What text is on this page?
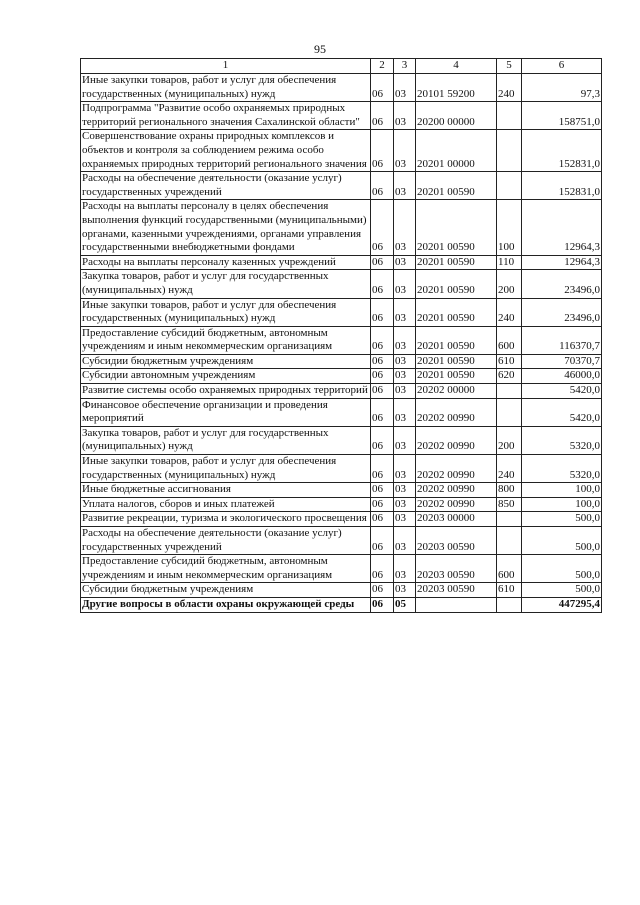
95
1	2	3	4	5	6
Иные закупки товаров, работ и услуг для обеспечения государственных (муниципальных) нужд	06	03	20101 59200	240	97,3
Подпрограмма "Развитие особо охраняемых природных территорий регионального значения Сахалинской области"	06	03	20200 00000		158751,0
Совершенствование охраны природных комплексов и объектов и контроля за соблюдением режима особо охраняемых природных территорий регионального значения	06	03	20201 00000		152831,0
Расходы на обеспечение деятельности (оказание услуг) государственных учреждений	06	03	20201 00590		152831,0
Расходы на выплаты персоналу в целях обеспечения выполнения функций государственными (муниципальными) органами, казенными учреждениями, органами управления государственными внебюджетными фондами	06	03	20201 00590	100	12964,3
Расходы на выплаты персоналу казенных учреждений	06	03	20201 00590	110	12964,3
Закупка товаров, работ и услуг для государственных (муниципальных) нужд	06	03	20201 00590	200	23496,0
Иные закупки товаров, работ и услуг для обеспечения государственных (муниципальных) нужд	06	03	20201 00590	240	23496,0
Предоставление субсидий бюджетным, автономным учреждениям и иным некоммерческим организациям	06	03	20201 00590	600	116370,7
Субсидии бюджетным учреждениям	06	03	20201 00590	610	70370,7
Субсидии автономным учреждениям	06	03	20201 00590	620	46000,0
Развитие системы особо охраняемых природных территорий	06	03	20202 00000		5420,0
Финансовое обеспечение организации и проведения мероприятий	06	03	20202 00990		5420,0
Закупка товаров, работ и услуг для государственных (муниципальных) нужд	06	03	20202 00990	200	5320,0
Иные закупки товаров, работ и услуг для обеспечения государственных (муниципальных) нужд	06	03	20202 00990	240	5320,0
Иные бюджетные ассигнования	06	03	20202 00990	800	100,0
Уплата налогов, сборов и иных платежей	06	03	20202 00990	850	100,0
Развитие рекреации, туризма и экологического просвещения	06	03	20203 00000		500,0
Расходы на обеспечение деятельности (оказание услуг) государственных учреждений	06	03	20203 00590		500,0
Предоставление субсидий бюджетным, автономным учреждениям и иным некоммерческим организациям	06	03	20203 00590	600	500,0
Субсидии бюджетным учреждениям	06	03	20203 00590	610	500,0
Другие вопросы в области охраны окружающей среды	06	05			447295,4
